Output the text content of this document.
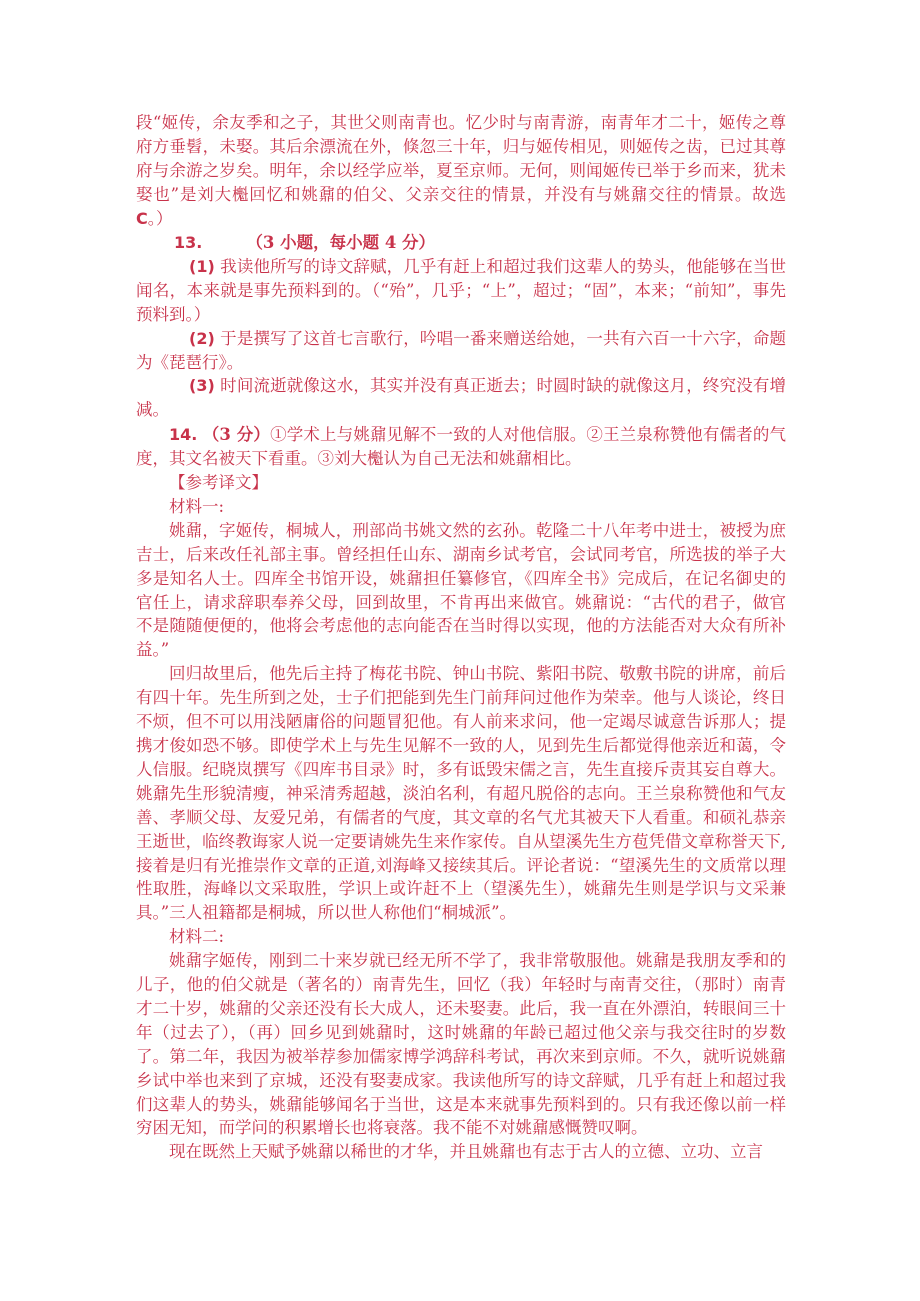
段“姬传，余友季和之子，其世父则南青也。忆少时与南青游，南青年才二十，姬传之尊府方垂髫，未娶。其后余漂流在外，倏忽三十年，归与姬传相见，则姬传之齿，已过其尊府与余游之岁矣。明年，余以经学应举，夏至京师。无何，则闻姬传已举于乡而来，犹未娶也”是刘大櫆回忆和姚鼐的伯父、父亲交往的情景，并没有与姚鼐交往的情景。故选C。）

13.	（3 小题，每小题 4 分）

(1) 我读他所写的诗文辞赋，几乎有赶上和超过我们这辈人的势头，他能够在当世闻名，本来就是事先预料到的。（“殆”，几乎；“上”，超过；“固”，本来；“前知”，事先预料到。）

(2) 于是撰写了这首七言歌行，吟唱一番来赠送给她，一共有六百一十六字，命题为《琵琶行》。

(3) 时间流逝就像这水，其实并没有真正逝去；时圆时缺的就像这月，终究没有增减。

14. （3 分）①学术上与姚鼐见解不一致的人对他信服。②王兰泉称赞他有儒者的气度，其文名被天下看重。③刘大櫆认为自己无法和姚鼐相比。

【参考译文】

材料一:

姚鼐，字姬传，桐城人，刑部尚书姚文然的玄孙。乾隆二十八年考中进士，被授为庶吉士，后来改任礼部主事。曾经担任山东、湖南乡试考官，会试同考官，所选拔的举子大多是知名人士。四库全书馆开设，姚鼐担任纂修官，《四库全书》完成后，在记名御史的官任上，请求辞职奉养父母，回到故里，不肯再出来做官。姚鼐说：“古代的君子，做官不是随随便便的，他将会考虑他的志向能否在当时得以实现，他的方法能否对大众有所补益。”

回归故里后，他先后主持了梅花书院、钟山书院、紫阳书院、敬敷书院的讲席，前后有四十年。先生所到之处，士子们把能到先生门前拜问过他作为荣幸。他与人谈论，终日不烦，但不可以用浅陋庸俗的问题冒犯他。有人前来求问，他一定竭尽诚意告诉那人；提携才俊如恐不够。即使学术上与先生见解不一致的人，见到先生后都觉得他亲近和蔼，令人信服。纪晓岚撰写《四库书目录》时，多有诋毁宋儒之言，先生直接斥责其妄自尊大。姚鼐先生形貌清瘦，神采清秀超越，淡泊名利，有超凡脱俗的志向。王兰泉称赞他和气友善、孝顺父母、友爱兄弟，有儒者的气度，其文章的名气尤其被天下人看重。和硕礼恭亲王逝世，临终教诲家人说一定要请姚先生来作家传。自从望溪先生方苞凭借文章称誉天下,接着是归有光推崇作文章的正道,刘海峰又接续其后。评论者说：“望溪先生的文质常以理性取胜，海峰以文采取胜，学识上或许赶不上（望溪先生），姚鼐先生则是学识与文采兼具。”三人祖籍都是桐城，所以世人称他们“桐城派”。

材料二:

姚鼐字姬传，刚到二十来岁就已经无所不学了，我非常敬服他。姚鼐是我朋友季和的儿子，他的伯父就是（著名的）南青先生，回忆（我）年轻时与南青交往，（那时）南青才二十岁，姚鼐的父亲还没有长大成人，还未娶妻。此后，我一直在外漂泊，转眼间三十年（过去了），（再）回乡见到姚鼐时，这时姚鼐的年龄已超过他父亲与我交往时的岁数了。第二年，我因为被举荐参加儒家博学鸿辞科考试，再次来到京师。不久，就听说姚鼐乡试中举也来到了京城，还没有娶妻成家。我读他所写的诗文辞赋，几乎有赶上和超过我们这辈人的势头，姚鼐能够闻名于当世，这是本来就事先预料到的。只有我还像以前一样穷困无知，而学问的积累增长也将衰落。我不能不对姚鼐感慨赞叹啊。

现在既然上天赋予姚鼐以稀世的才华，并且姚鼐也有志于古人的立德、立功、立言
